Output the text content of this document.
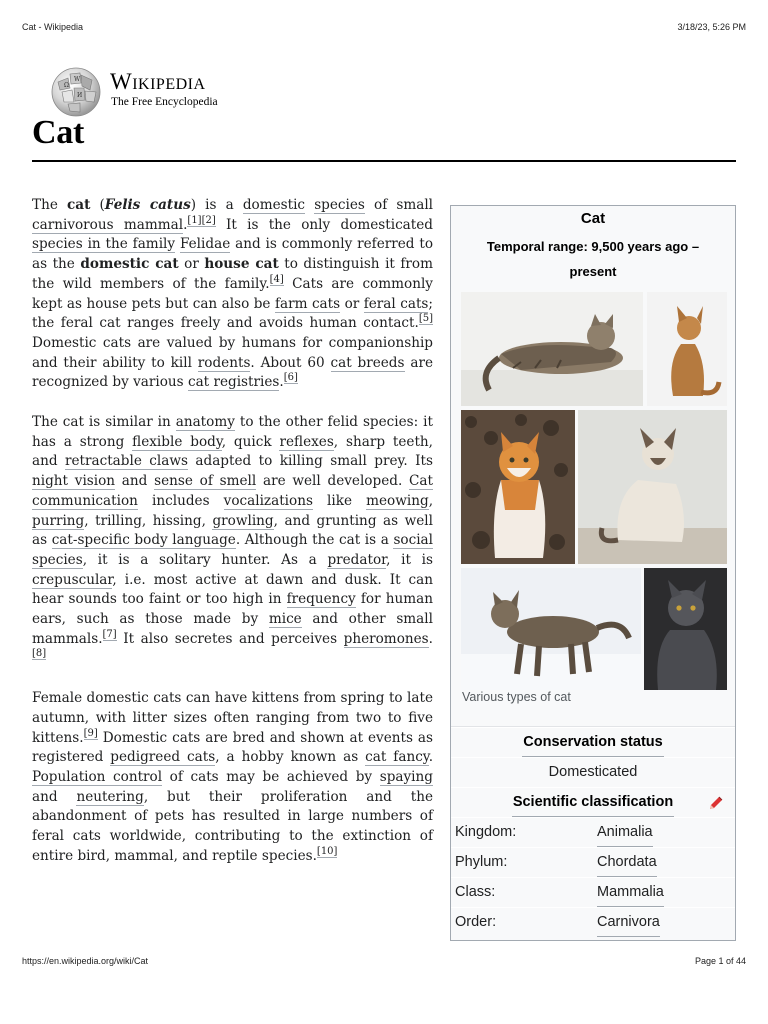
Cat - Wikipedia	3/18/23, 5:26 PM
Ω
W
И
Wikipedia
The Free Encyclopedia
Cat

The cat (Felis catus) is a domestic species of small carnivorous mammal.[1][2] It is the only domesticated species in the family Felidae and is commonly referred to as the domestic cat or house cat to distinguish it from the wild members of the family.[4] Cats are commonly kept as house pets but can also be farm cats or feral cats; the feral cat ranges freely and avoids human contact.[5] Domestic cats are valued by humans for companionship and their ability to kill rodents. About 60 cat breeds are recognized by various cat registries.[6]

The cat is similar in anatomy to the other felid species: it has a strong flexible body, quick reflexes, sharp teeth, and retractable claws adapted to killing small prey. Its night vision and sense of smell are well developed. Cat communication includes vocalizations like meowing, purring, trilling, hissing, growling, and grunting as well as cat-specific body language. Although the cat is a social species, it is a solitary hunter. As a predator, it is crepuscular, i.e. most active at dawn and dusk. It can hear sounds too faint or too high in frequency for human ears, such as those made by mice and other small mammals.[7] It also secretes and perceives pheromones.[8]

Female domestic cats can have kittens from spring to late autumn, with litter sizes often ranging from two to five kittens.[9] Domestic cats are bred and shown at events as registered pedigreed cats, a hobby known as cat fancy. Population control of cats may be achieved by spaying and neutering, but their proliferation and the abandonment of pets has resulted in large numbers of feral cats worldwide, contributing to the extinction of entire bird, mammal, and reptile species.[10]

Cat
Temporal range: 9,500 years ago – present
Various types of cat
Conservation status
Domesticated
Scientific classification
Kingdom:	Animalia
Phylum:	Chordata
Class:	Mammalia
Order:	Carnivora
https://en.wikipedia.org/wiki/Cat	Page 1 of 44
